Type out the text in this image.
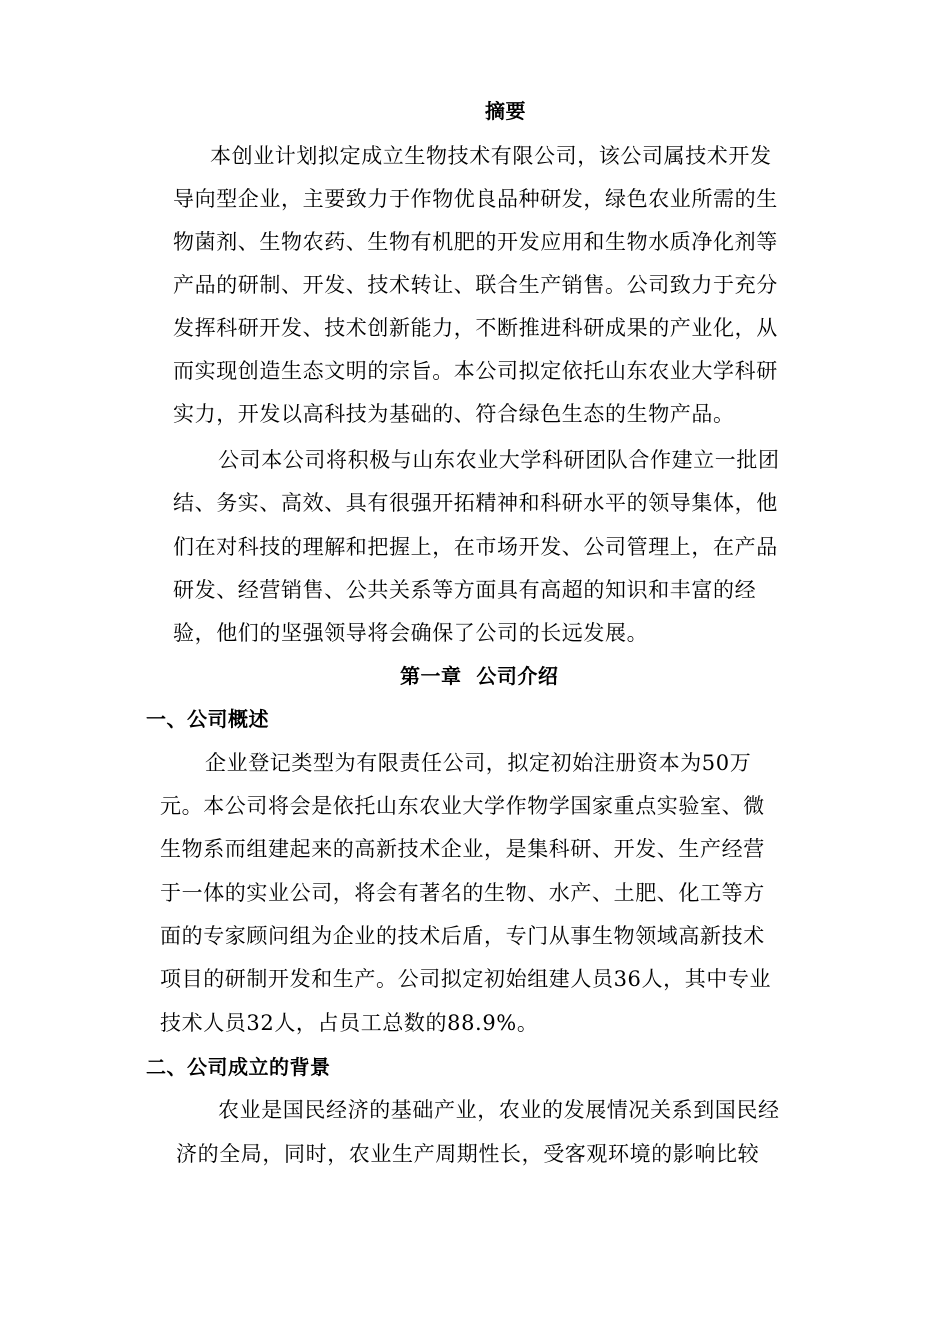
摘要
本创业计划拟定成立生物技术有限公司，该公司属技术开发
导向型企业，主要致力于作物优良品种研发，绿色农业所需的生
物菌剂、生物农药、生物有机肥的开发应用和生物水质净化剂等
产品的研制、开发、技术转让、联合生产销售。公司致力于充分
发挥科研开发、技术创新能力，不断推进科研成果的产业化，从
而实现创造生态文明的宗旨。本公司拟定依托山东农业大学科研
实力，开发以高科技为基础的、符合绿色生态的生物产品。
公司本公司将积极与山东农业大学科研团队合作建立一批团
结、务实、高效、具有很强开拓精神和科研水平的领导集体，他
们在对科技的理解和把握上，在市场开发、公司管理上，在产品
研发、经营销售、公共关系等方面具有高超的知识和丰富的经
验，他们的坚强领导将会确保了公司的长远发展。
第一章  公司介绍
一、公司概述
企业登记类型为有限责任公司，拟定初始注册资本为50万
元。本公司将会是依托山东农业大学作物学国家重点实验室、微
生物系而组建起来的高新技术企业，是集科研、开发、生产经营
于一体的实业公司，将会有著名的生物、水产、土肥、化工等方
面的专家顾问组为企业的技术后盾，专门从事生物领域高新技术
项目的研制开发和生产。公司拟定初始组建人员36人，其中专业
技术人员32人，占员工总数的88.9%。
二、公司成立的背景
农业是国民经济的基础产业，农业的发展情况关系到国民经
济的全局，同时，农业生产周期性长，受客观环境的影响比较
